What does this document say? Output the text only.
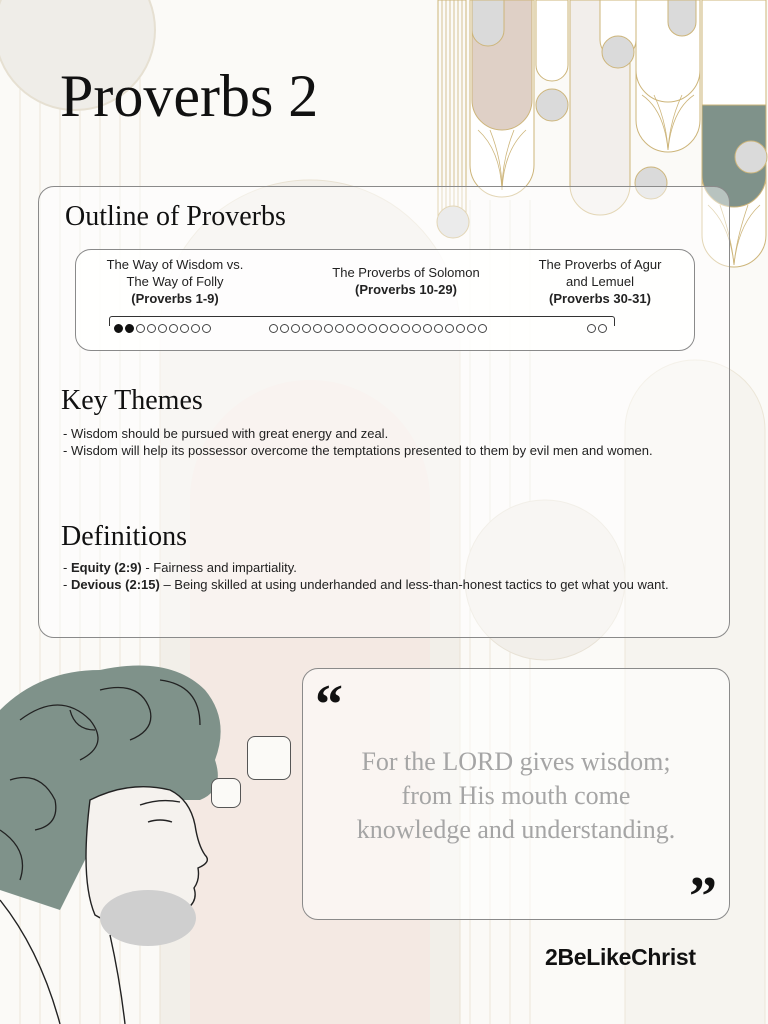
Proverbs 2
Outline of Proverbs
The Way of Wisdom vs.
The Way of Folly
(Proverbs 1-9)
The Proverbs of Solomon
(Proverbs 10-29)
The Proverbs of Agur
and Lemuel
(Proverbs 30-31)
Key Themes
- Wisdom should be pursued with great energy and zeal.
- Wisdom will help its possessor overcome the temptations presented to them by evil men and women.
Definitions
- Equity (2:9) - Fairness and impartiality.
- Devious (2:15) – Being skilled at using underhanded and less-than-honest tactics to get what you want.
“
For the LORD gives wisdom;
from His mouth come
knowledge and understanding.
”
2BeLikeChrist
